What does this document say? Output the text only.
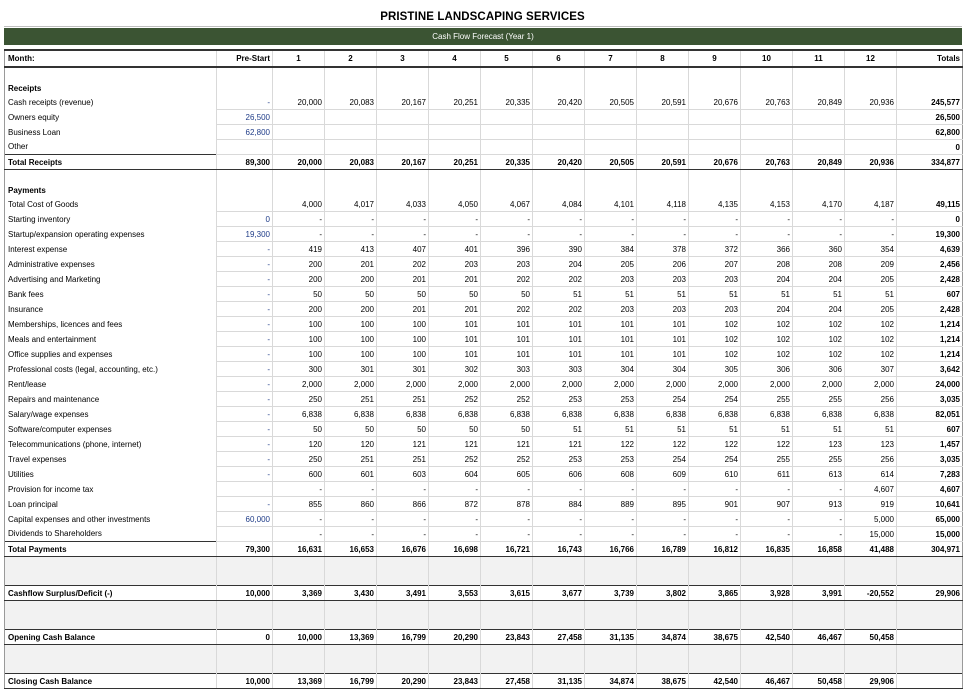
PRISTINE LANDSCAPING SERVICES
Cash Flow Forecast (Year 1)
Month:	Pre-Start	1	2	3	4	5	6	7	8	9	10	11	12	Totals

Receipts														
Cash receipts (revenue)	-	20,000	20,083	20,167	20,251	20,335	20,420	20,505	20,591	20,676	20,763	20,849	20,936	245,577
Owners equity	26,500													26,500
Business Loan	62,800													62,800
Other														0
Total Receipts	89,300	20,000	20,083	20,167	20,251	20,335	20,420	20,505	20,591	20,676	20,763	20,849	20,936	334,877

Payments														
Total Cost of Goods		4,000	4,017	4,033	4,050	4,067	4,084	4,101	4,118	4,135	4,153	4,170	4,187	49,115
Starting inventory	0	-	-	-	-	-	-	-	-	-	-	-	-	0
Startup/expansion operating expenses	19,300	-	-	-	-	-	-	-	-	-	-	-	-	19,300
Interest expense	-	419	413	407	401	396	390	384	378	372	366	360	354	4,639
Administrative expenses	-	200	201	202	203	203	204	205	206	207	208	208	209	2,456
Advertising and Marketing	-	200	200	201	201	202	202	203	203	203	204	204	205	2,428
Bank fees	-	50	50	50	50	50	51	51	51	51	51	51	51	607
Insurance	-	200	200	201	201	202	202	203	203	203	204	204	205	2,428
Memberships, licences and fees	-	100	100	100	101	101	101	101	101	102	102	102	102	1,214
Meals and entertainment	-	100	100	100	101	101	101	101	101	102	102	102	102	1,214
Office supplies and expenses	-	100	100	100	101	101	101	101	101	102	102	102	102	1,214
Professional costs (legal, accounting, etc.)	-	300	301	301	302	303	303	304	304	305	306	306	307	3,642
Rent/lease	-	2,000	2,000	2,000	2,000	2,000	2,000	2,000	2,000	2,000	2,000	2,000	2,000	24,000
Repairs and maintenance	-	250	251	251	252	252	253	253	254	254	255	255	256	3,035
Salary/wage expenses	-	6,838	6,838	6,838	6,838	6,838	6,838	6,838	6,838	6,838	6,838	6,838	6,838	82,051
Software/computer expenses	-	50	50	50	50	50	51	51	51	51	51	51	51	607
Telecommunications (phone, internet)	-	120	120	121	121	121	121	122	122	122	122	123	123	1,457
Travel expenses	-	250	251	251	252	252	253	253	254	254	255	255	256	3,035
Utilities	-	600	601	603	604	605	606	608	609	610	611	613	614	7,283
Provision for income tax		-	-	-	-	-	-	-	-	-	-	-	4,607	4,607
Loan principal	-	855	860	866	872	878	884	889	895	901	907	913	919	10,641
Capital expenses and other investments	60,000	-	-	-	-	-	-	-	-	-	-	-	5,000	65,000
Dividends to Shareholders		-	-	-	-	-	-	-	-	-	-	-	15,000	15,000
Total Payments	79,300	16,631	16,653	16,676	16,698	16,721	16,743	16,766	16,789	16,812	16,835	16,858	41,488	304,971

Cashflow Surplus/Deficit (-)	10,000	3,369	3,430	3,491	3,553	3,615	3,677	3,739	3,802	3,865	3,928	3,991	-20,552	29,906

Opening Cash Balance	0	10,000	13,369	16,799	20,290	23,843	27,458	31,135	34,874	38,675	42,540	46,467	50,458	

Closing Cash Balance	10,000	13,369	16,799	20,290	23,843	27,458	31,135	34,874	38,675	42,540	46,467	50,458	29,906	
